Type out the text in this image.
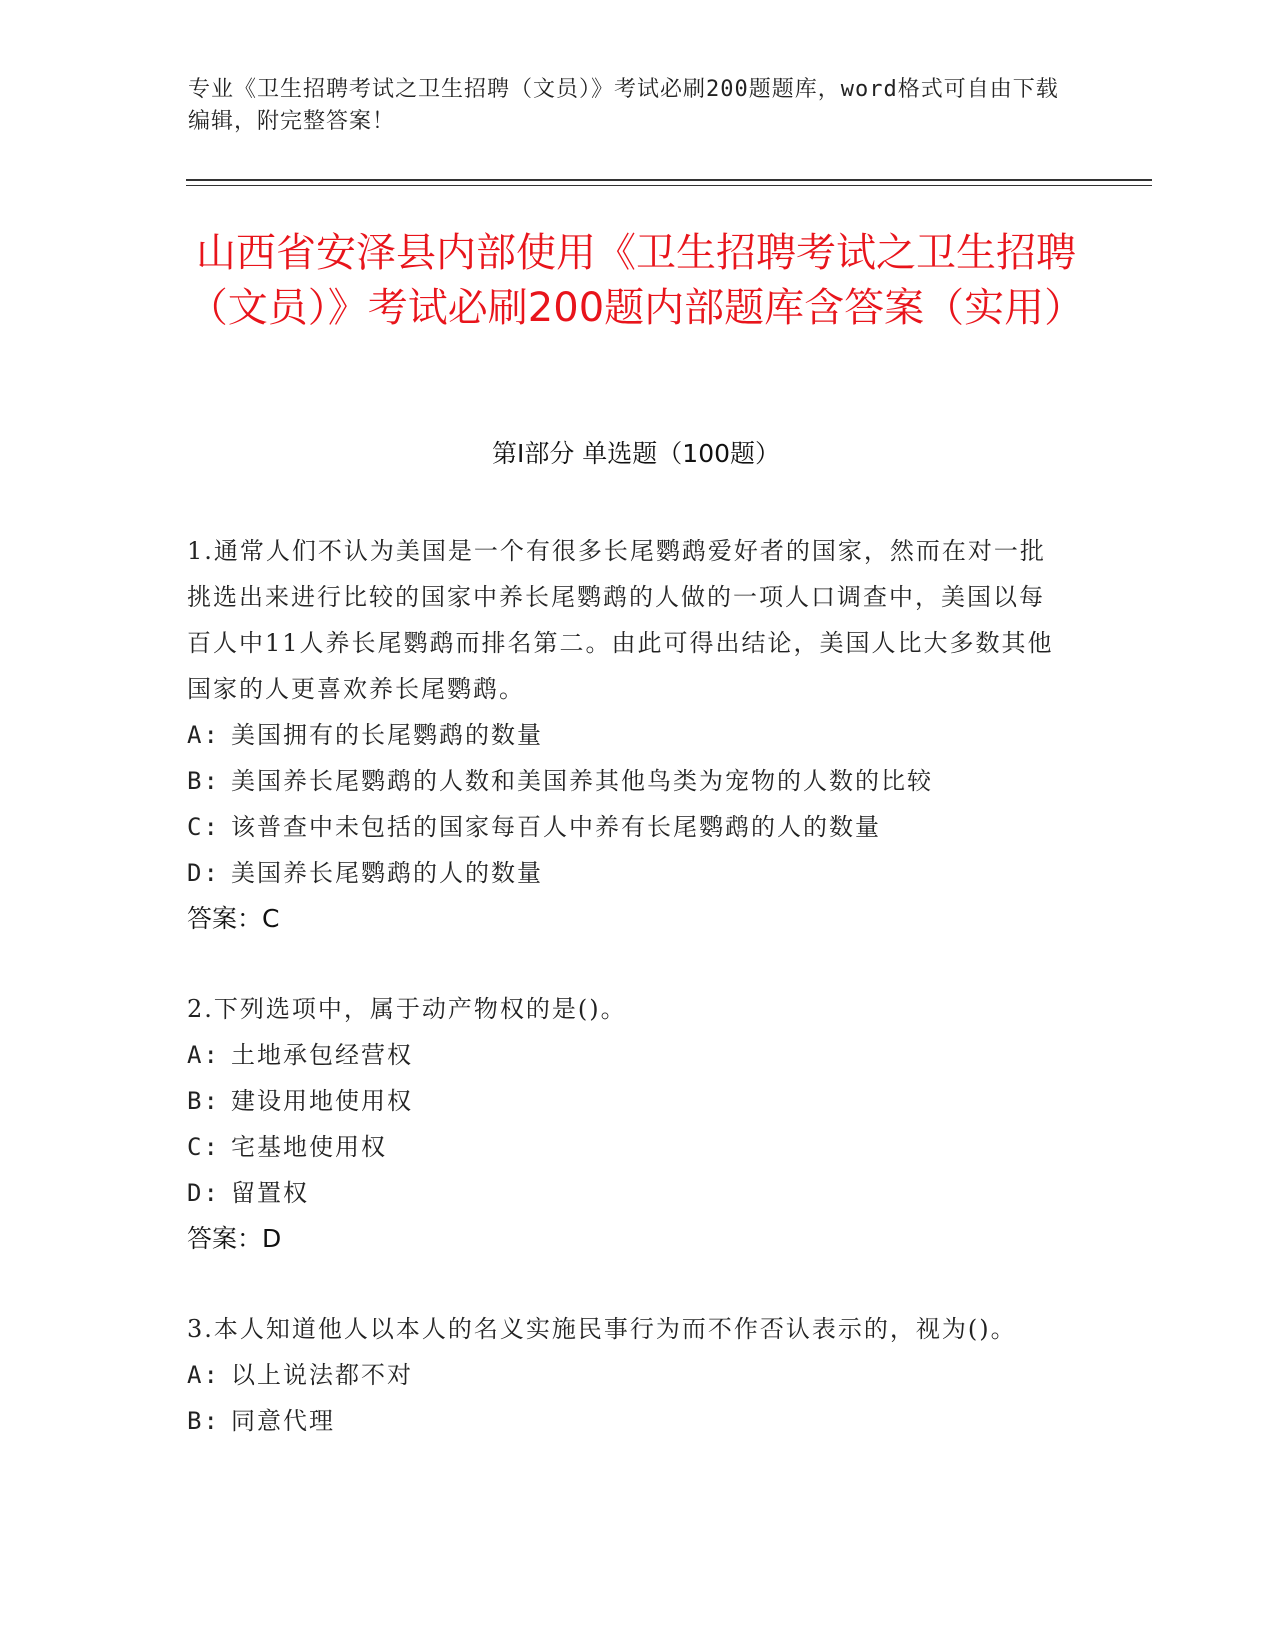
专业《卫生招聘考试之卫生招聘（文员）》考试必刷200题题库，word格式可自由下载编辑，附完整答案！
山西省安泽县内部使用《卫生招聘考试之卫生招聘（文员）》考试必刷200题内部题库含答案（实用）
第Ⅰ部分 单选题（100题）
1.通常人们不认为美国是一个有很多长尾鹦鹉爱好者的国家，然而在对一批挑选出来进行比较的国家中养长尾鹦鹉的人做的一项人口调查中，美国以每百人中11人养长尾鹦鹉而排名第二。由此可得出结论，美国人比大多数其他国家的人更喜欢养长尾鹦鹉。
A: 美国拥有的长尾鹦鹉的数量
B: 美国养长尾鹦鹉的人数和美国养其他鸟类为宠物的人数的比较
C: 该普查中未包括的国家每百人中养有长尾鹦鹉的人的数量
D: 美国养长尾鹦鹉的人的数量
答案：C
2.下列选项中，属于动产物权的是()。
A: 土地承包经营权
B: 建设用地使用权
C: 宅基地使用权
D: 留置权
答案：D
3.本人知道他人以本人的名义实施民事行为而不作否认表示的，视为()。
A: 以上说法都不对
B: 同意代理
